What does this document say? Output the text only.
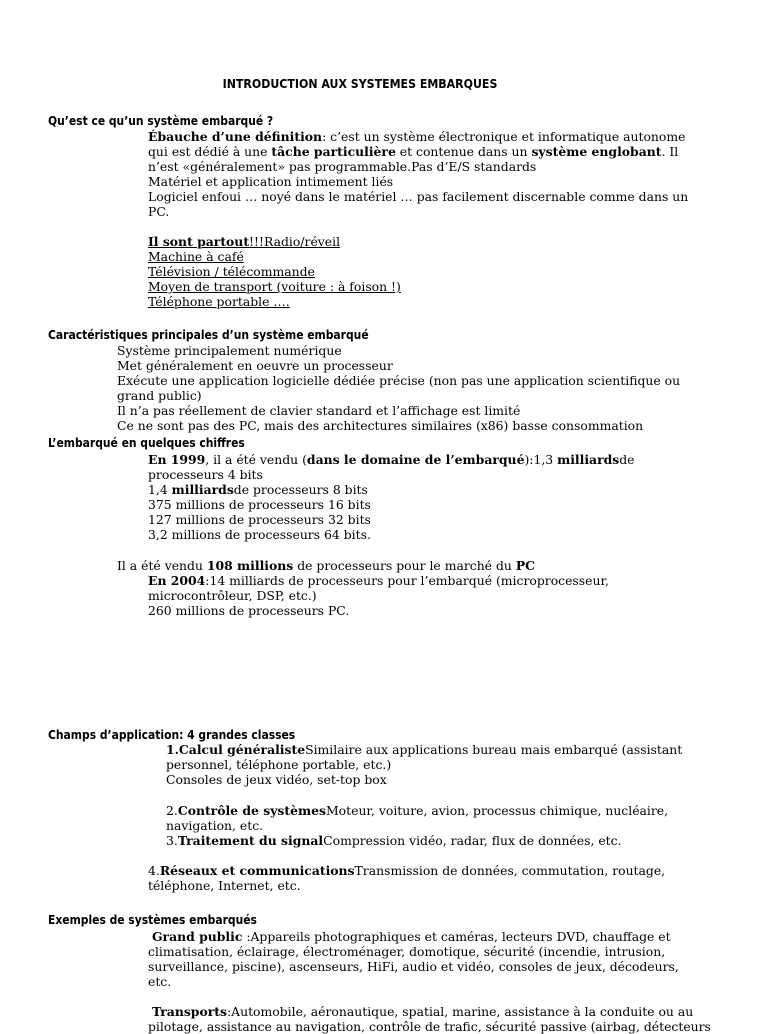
INTRODUCTION AUX SYSTEMES EMBARQUES
Qu’est ce qu’un système embarqué ?
Ébauche d’une définition: c’est un système électronique et informatique autonome
qui est dédié à une tâche particulière et contenue dans un système englobant. Il
n’est «généralement» pas programmable.Pas d’E/S standards
Matériel et application intimement liés
Logiciel enfoui … noyé dans le matériel … pas facilement discernable comme dans un
PC.
Il sont partout!!!Radio/réveil
Machine à café
Télévision / télécommande
Moyen de transport (voiture : à foison !)
Téléphone portable ….
Caractéristiques principales d’un système embarqué
Système principalement numérique
Met généralement en oeuvre un processeur
Exécute une application logicielle dédiée précise (non pas une application scientifique ou
grand public)
Il n’a pas réellement de clavier standard et l’affichage est limité
Ce ne sont pas des PC, mais des architectures similaires (x86) basse consommation
L’embarqué en quelques chiffres
En 1999, il a été vendu (dans le domaine de l’embarqué):1,3 milliardsde
processeurs 4 bits
1,4 milliardsde processeurs 8 bits
375 millions de processeurs 16 bits
127 millions de processeurs 32 bits
3,2 millions de processeurs 64 bits.
Il a été vendu 108 millions de processeurs pour le marché du PC
En 2004:14 milliards de processeurs pour l’embarqué (microprocesseur,
microcontrôleur, DSP, etc.)
260 millions de processeurs PC.
Champs d’application: 4 grandes classes
1.Calcul généralisteSimilaire aux applications bureau mais embarqué (assistant
personnel, téléphone portable, etc.)
Consoles de jeux vidéo, set-top box
2.Contrôle de systèmesMoteur, voiture, avion, processus chimique, nucléaire,
navigation, etc.
3.Traitement du signalCompression vidéo, radar, flux de données, etc.
4.Réseaux et communicationsTransmission de données, commutation, routage,
téléphone, Internet, etc.
Exemples de systèmes embarqués
Grand public :Appareils photographiques et caméras, lecteurs DVD, chauffage et
climatisation, éclairage, électroménager, domotique, sécurité (incendie, intrusion,
surveillance, piscine), ascenseurs, HiFi, audio et vidéo, consoles de jeux, décodeurs,
etc.
Transports:Automobile, aéronautique, spatial, marine, assistance à la conduite ou au
pilotage, assistance au navigation, contrôle de trafic, sécurité passive (airbag, détecteurs
